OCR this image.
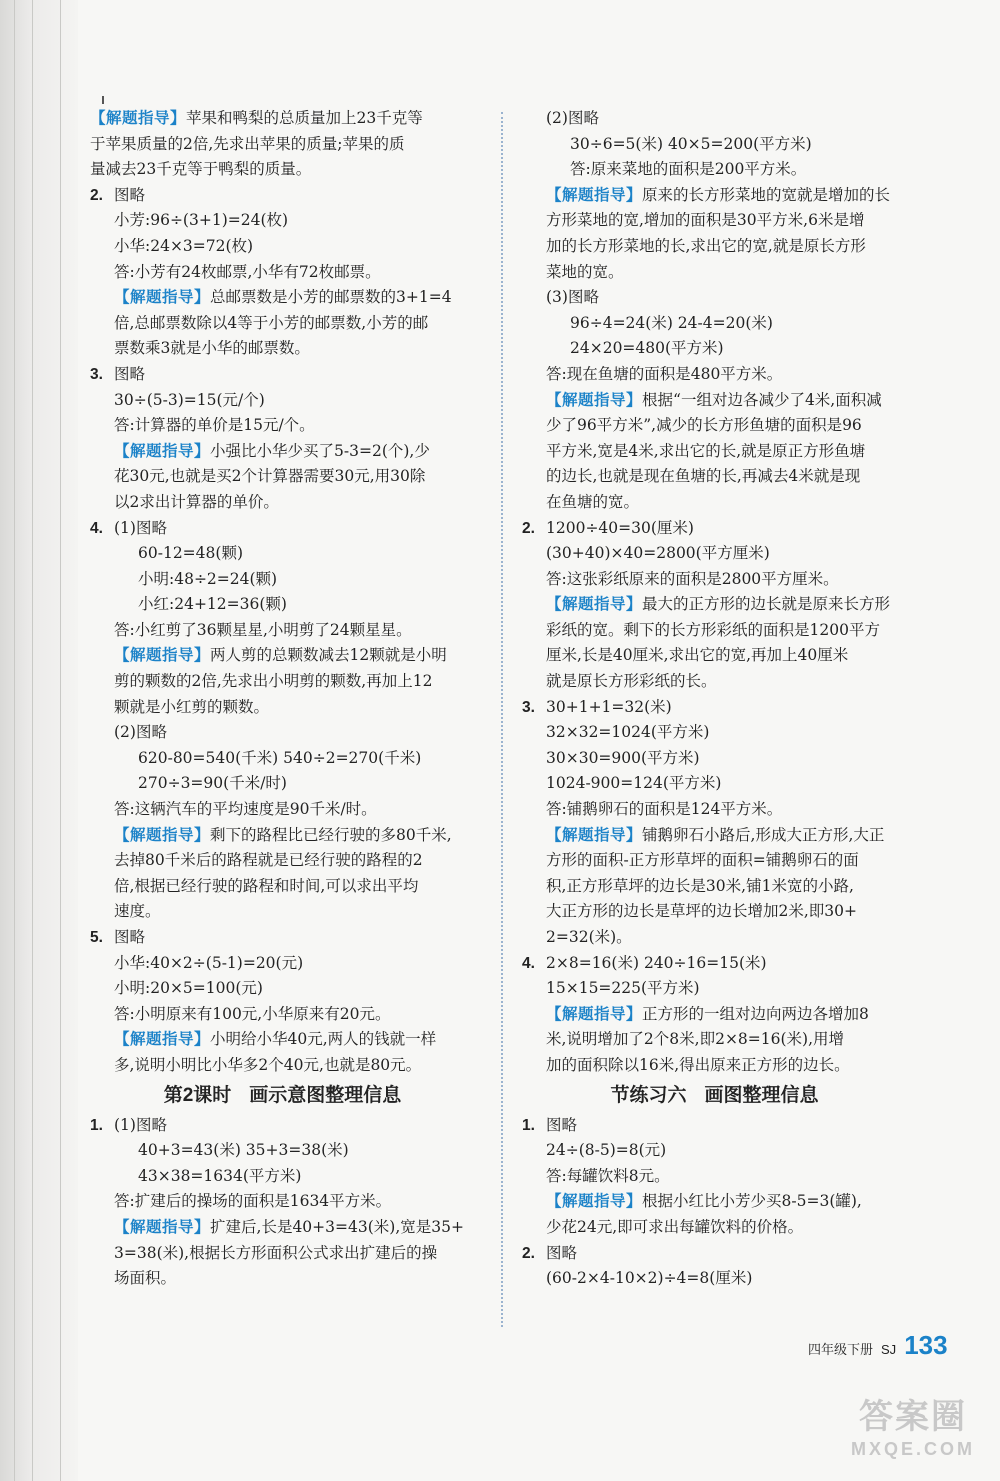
【解题指导】苹果和鸭梨的总质量加上23千克等
于苹果质量的2倍,先求出苹果的质量;苹果的质
量减去23千克等于鸭梨的质量。
2. 图略
小芳:96÷(3+1)=24(枚)
小华:24×3=72(枚)
答:小芳有24枚邮票,小华有72枚邮票。
【解题指导】总邮票数是小芳的邮票数的3+1=4
倍,总邮票数除以4等于小芳的邮票数,小芳的邮
票数乘3就是小华的邮票数。
3. 图略
30÷(5-3)=15(元/个)
答:计算器的单价是15元/个。
【解题指导】小强比小华少买了5-3=2(个),少
花30元,也就是买2个计算器需要30元,用30除
以2求出计算器的单价。
4. (1)图略
60-12=48(颗)
小明:48÷2=24(颗)
小红:24+12=36(颗)
答:小红剪了36颗星星,小明剪了24颗星星。
【解题指导】两人剪的总颗数减去12颗就是小明
剪的颗数的2倍,先求出小明剪的颗数,再加上12
颗就是小红剪的颗数。
(2)图略
620-80=540(千米) 540÷2=270(千米)
270÷3=90(千米/时)
答:这辆汽车的平均速度是90千米/时。
【解题指导】剩下的路程比已经行驶的多80千米,
去掉80千米后的路程就是已经行驶的路程的2
倍,根据已经行驶的路程和时间,可以求出平均
速度。
5. 图略
小华:40×2÷(5-1)=20(元)
小明:20×5=100(元)
答:小明原来有100元,小华原来有20元。
【解题指导】小明给小华40元,两人的钱就一样
多,说明小明比小华多2个40元,也就是80元。
第2课时 画示意图整理信息
1. (1)图略
40+3=43(米) 35+3=38(米)
43×38=1634(平方米)
答:扩建后的操场的面积是1634平方米。
【解题指导】扩建后,长是40+3=43(米),宽是35+
3=38(米),根据长方形面积公式求出扩建后的操
场面积。
(2)图略
30÷6=5(米) 40×5=200(平方米)
答:原来菜地的面积是200平方米。
【解题指导】原来的长方形菜地的宽就是增加的长
方形菜地的宽,增加的面积是30平方米,6米是增
加的长方形菜地的长,求出它的宽,就是原长方形
菜地的宽。
(3)图略
96÷4=24(米) 24-4=20(米)
24×20=480(平方米)
答:现在鱼塘的面积是480平方米。
【解题指导】根据“一组对边各减少了4米,面积减
少了96平方米”,减少的长方形鱼塘的面积是96
平方米,宽是4米,求出它的长,就是原正方形鱼塘
的边长,也就是现在鱼塘的长,再减去4米就是现
在鱼塘的宽。
2. 1200÷40=30(厘米)
(30+40)×40=2800(平方厘米)
答:这张彩纸原来的面积是2800平方厘米。
【解题指导】最大的正方形的边长就是原来长方形
彩纸的宽。剩下的长方形彩纸的面积是1200平方
厘米,长是40厘米,求出它的宽,再加上40厘米
就是原长方形彩纸的长。
3. 30+1+1=32(米)
32×32=1024(平方米)
30×30=900(平方米)
1024-900=124(平方米)
答:铺鹅卵石的面积是124平方米。
【解题指导】铺鹅卵石小路后,形成大正方形,大正
方形的面积-正方形草坪的面积=铺鹅卵石的面
积,正方形草坪的边长是30米,铺1米宽的小路,
大正方形的边长是草坪的边长增加2米,即30+
2=32(米)。
4. 2×8=16(米) 240÷16=15(米)
15×15=225(平方米)
【解题指导】正方形的一组对边向两边各增加8
米,说明增加了2个8米,即2×8=16(米),用增
加的面积除以16米,得出原来正方形的边长。
节练习六 画图整理信息
1. 图略
24÷(8-5)=8(元)
答:每罐饮料8元。
【解题指导】根据小红比小芳少买8-5=3(罐),
少花24元,即可求出每罐饮料的价格。
2. 图略
(60-2×4-10×2)÷4=8(厘米)
四年级下册 SJ 133
答案圈
MXQE.COM
